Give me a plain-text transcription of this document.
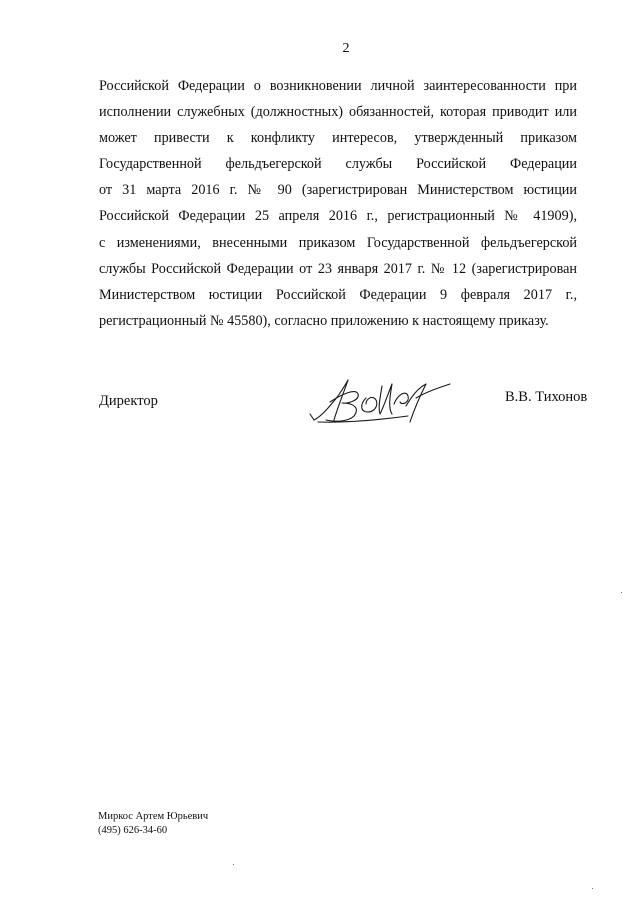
2
Российской Федерации о возникновении личной заинтересованности при
исполнении служебных (должностных) обязанностей, которая приводит или
может привести к конфликту интересов, утвержденный приказом
Государственной фельдъегерской службы Российской Федерации
от 31 марта 2016 г. № 90 (зарегистрирован Министерством юстиции
Российской Федерации 25 апреля 2016 г., регистрационный № 41909),
с изменениями, внесенными приказом Государственной фельдъегерской
службы Российской Федерации от 23 января 2017 г. № 12 (зарегистрирован
Министерством юстиции Российской Федерации 9 февраля 2017 г.,
регистрационный № 45580), согласно приложению к настоящему приказу.
Директор	В.В. Тихонов
Миркос Артем Юрьевич
(495) 626-34-60
